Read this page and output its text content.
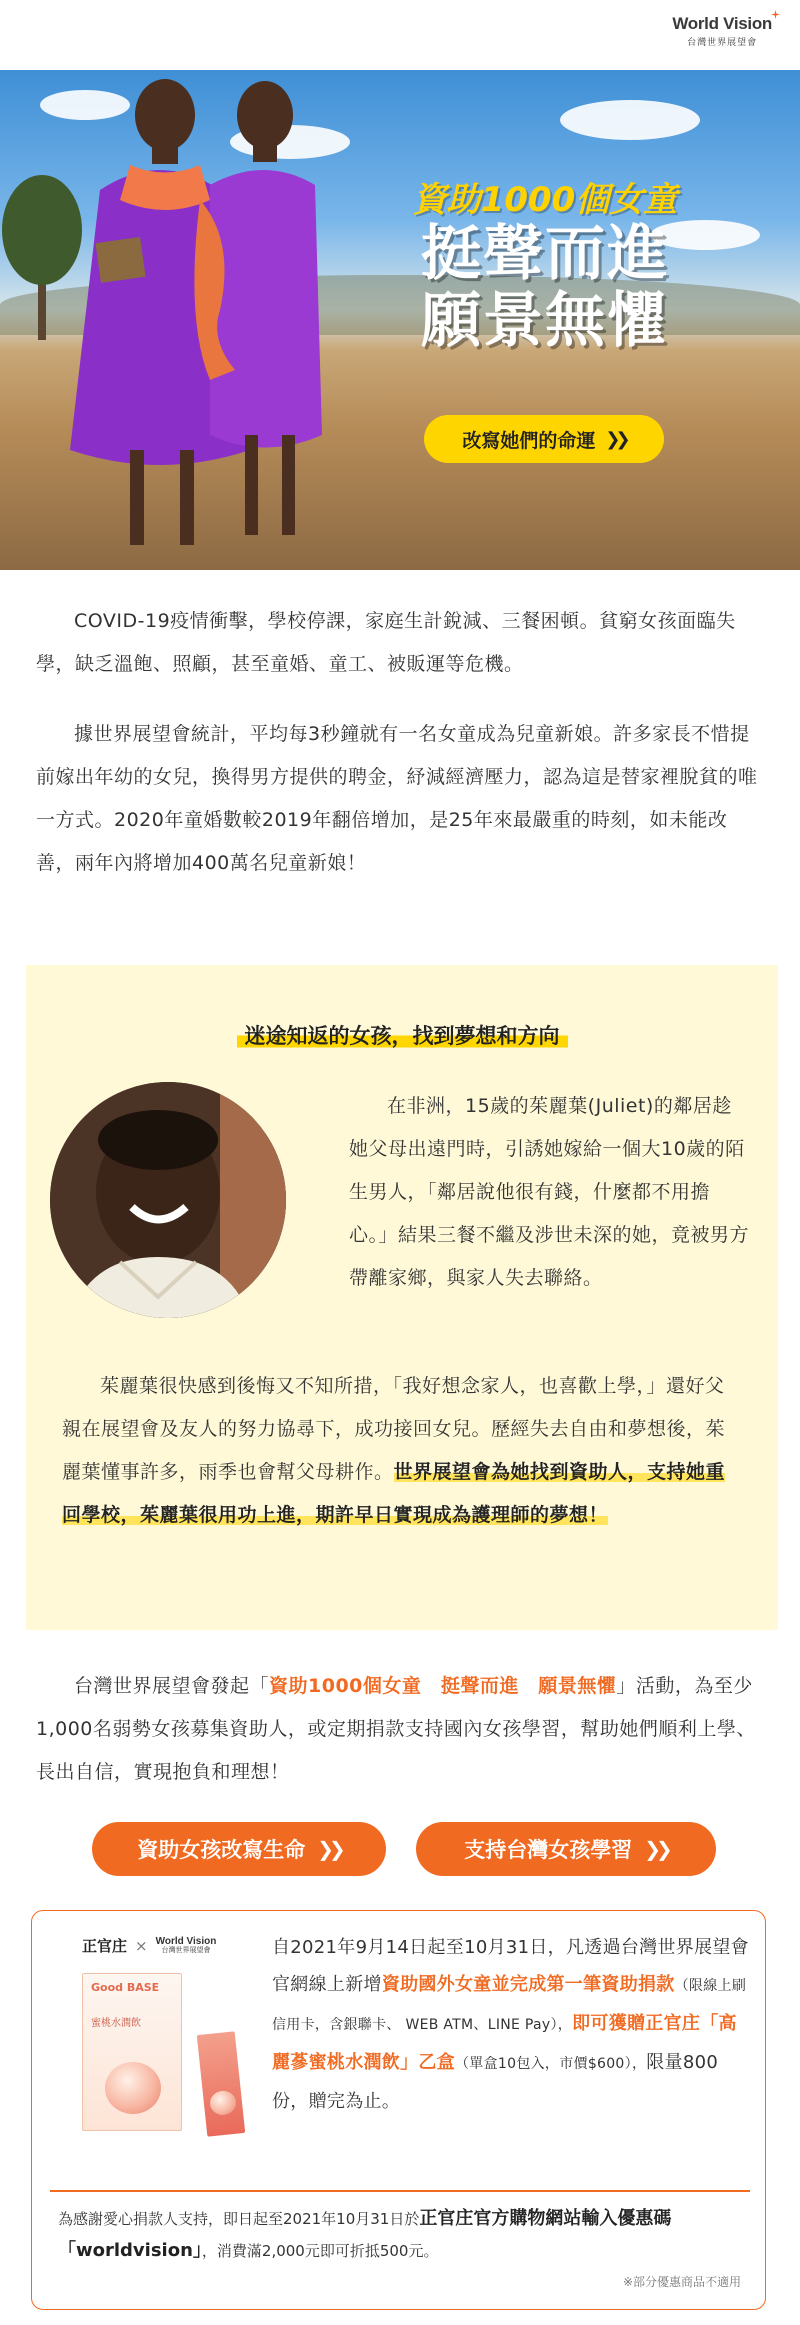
World Vision
台灣世界展望會
資助1000個女童
挺聲而進
願景無懼
改寫她們的命運 ❯❯

COVID-19疫情衝擊，學校停課，家庭生計銳減、三餐困頓。貧窮女孩面臨失學，缺乏溫飽、照顧，甚至童婚、童工、被販運等危機。

據世界展望會統計，平均每3秒鐘就有一名女童成為兒童新娘。許多家長不惜提前嫁出年幼的女兒，換得男方提供的聘金，紓減經濟壓力，認為這是替家裡脫貧的唯一方式。2020年童婚數較2019年翻倍增加，是25年來最嚴重的時刻，如未能改善，兩年內將增加400萬名兒童新娘！

迷途知返的女孩，找到夢想和方向

在非洲，15歲的茱麗葉(Juliet)的鄰居趁她父母出遠門時，引誘她嫁給一個大10歲的陌生男人，「鄰居說他很有錢，什麼都不用擔心。」結果三餐不繼及涉世未深的她，竟被男方帶離家鄉，與家人失去聯絡。

茱麗葉很快感到後悔又不知所措，「我好想念家人，也喜歡上學，」還好父親在展望會及友人的努力協尋下，成功接回女兒。歷經失去自由和夢想後，茱麗葉懂事許多，雨季也會幫父母耕作。世界展望會為她找到資助人，支持她重回學校，茱麗葉很用功上進，期許早日實現成為護理師的夢想！

台灣世界展望會發起「資助1000個女童　挺聲而進　願景無懼」活動，為至少1,000名弱勢女孩募集資助人，或定期捐款支持國內女孩學習，幫助她們順利上學、長出自信，實現抱負和理想！

資助女孩改寫生命 ❯❯	支持台灣女孩學習 ❯❯
正官庄 × World Vision
台灣世界展望會
Good BASE
蜜桃水潤飲

自2021年9月14日起至10月31日，凡透過台灣世界展望會官網線上新增資助國外女童並完成第一筆資助捐款（限線上刷信用卡，含銀聯卡、 WEB ATM、LINE Pay），即可獲贈正官庄「高麗蔘蜜桃水潤飲」乙盒（單盒10包入，市價$600），限量800份，贈完為止。

為感謝愛心捐款人支持，即日起至2021年10月31日於正官庄官方購物網站輸入優惠碼「worldvision」，消費滿2,000元即可折抵500元。

※部分優惠商品不適用
